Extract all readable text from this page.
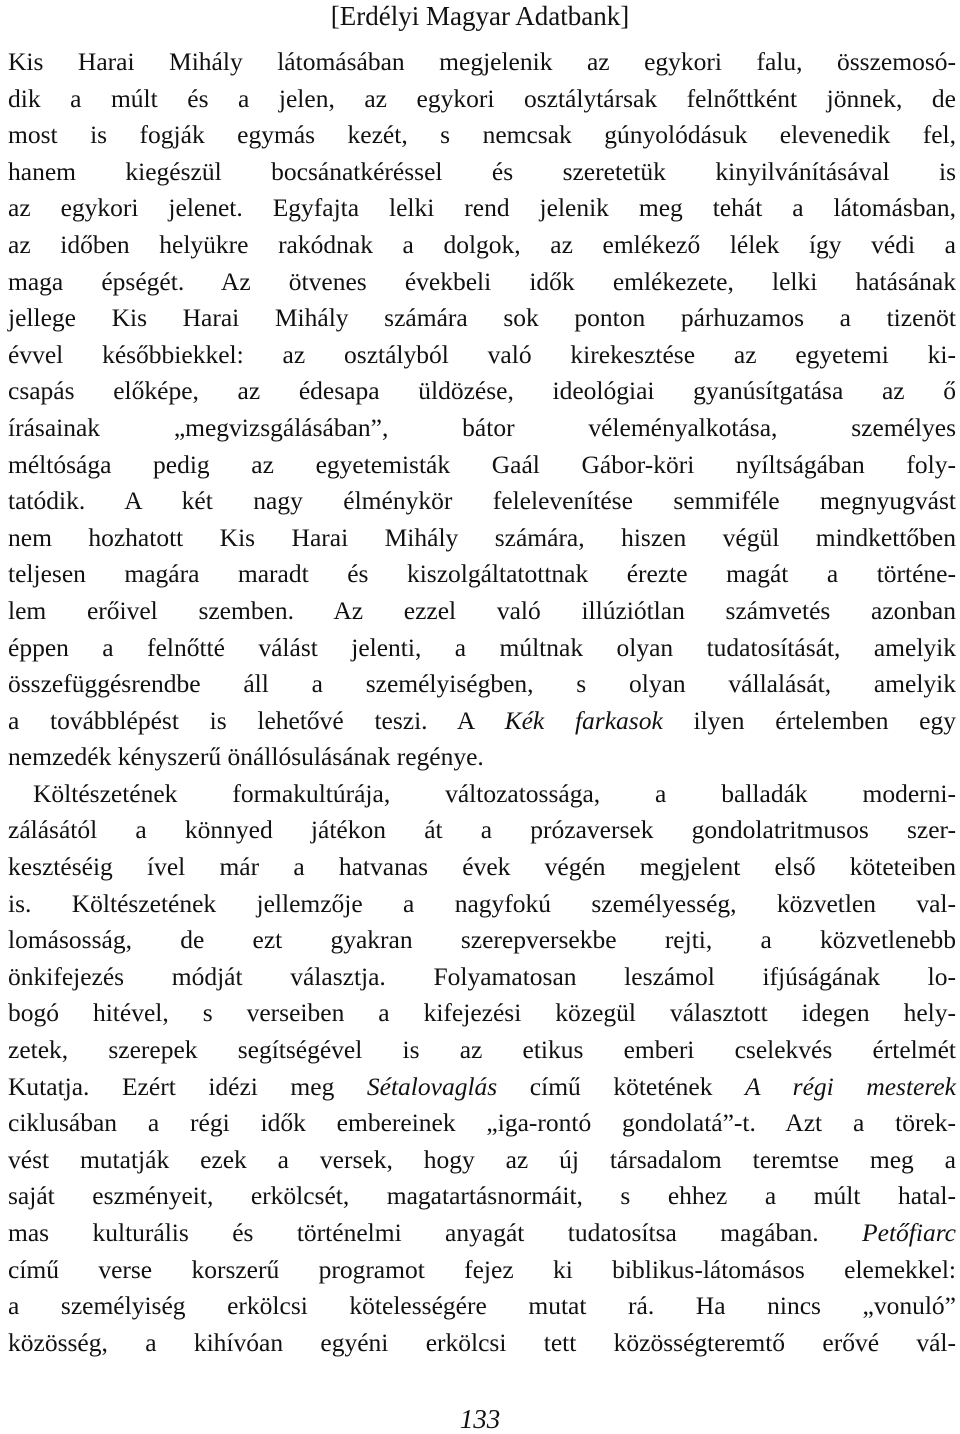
[Erdélyi Magyar Adatbank]
Kis Harai Mihály látomásában megjelenik az egykori falu, összemosó-
dik a múlt és a jelen, az egykori osztálytársak felnőttként jönnek, de
most is fogják egymás kezét, s nemcsak gúnyolódásuk elevenedik fel,
hanem kiegészül bocsánatkéréssel és szeretetük kinyilvánításával is
az egykori jelenet. Egyfajta lelki rend jelenik meg tehát a látomásban,
az időben helyükre rakódnak a dolgok, az emlékező lélek így védi a
maga épségét. Az ötvenes évekbeli idők emlékezete, lelki hatásának
jellege Kis Harai Mihály számára sok ponton párhuzamos a tizenöt
évvel későbbiekkel: az osztályból való kirekesztése az egyetemi ki-
csapás előképe, az édesapa üldözése, ideológiai gyanúsítgatása az ő
írásainak „megvizsgálásában”, bátor véleményalkotása, személyes
méltósága pedig az egyetemisták Gaál Gábor-köri nyíltságában foly-
tatódik. A két nagy élménykör felelevenítése semmiféle megnyugvást
nem hozhatott Kis Harai Mihály számára, hiszen végül mindkettőben
teljesen magára maradt és kiszolgáltatottnak érezte magát a történe-
lem erőivel szemben. Az ezzel való illúziótlan számvetés azonban
éppen a felnőtté válást jelenti, a múltnak olyan tudatosítását, amelyik
összefüggésrendbe áll a személyiségben, s olyan vállalását, amelyik
a továbblépést is lehetővé teszi. A Kék farkasok ilyen értelemben egy
nemzedék kényszerű önállósulásának regénye.
Költészetének formakultúrája, változatossága, a balladák moderni-
zálásától a könnyed játékon át a prózaversek gondolatritmusos szer-
kesztéséig ível már a hatvanas évek végén megjelent első köteteiben
is. Költészetének jellemzője a nagyfokú személyesség, közvetlen val-
lomásosság, de ezt gyakran szerepversekbe rejti, a közvetlenebb
önkifejezés módját választja. Folyamatosan leszámol ifjúságának lo-
bogó hitével, s verseiben a kifejezési közegül választott idegen hely-
zetek, szerepek segítségével is az etikus emberi cselekvés értelmét
Kutatja. Ezért idézi meg Sétalovaglás című kötetének A régi mesterek
ciklusában a régi idők embereinek „iga-rontó gondolatá”-t. Azt a törek-
vést mutatják ezek a versek, hogy az új társadalom teremtse meg a
saját eszményeit, erkölcsét, magatartásnormáit, s ehhez a múlt hatal-
mas kulturális és történelmi anyagát tudatosítsa magában. Petőfiarc
című verse korszerű programot fejez ki biblikus-látomásos elemekkel:
a személyiség erkölcsi kötelességére mutat rá. Ha nincs „vonuló”
közösség, a kihívóan egyéni erkölcsi tett közösségteremtő erővé vál-
133
